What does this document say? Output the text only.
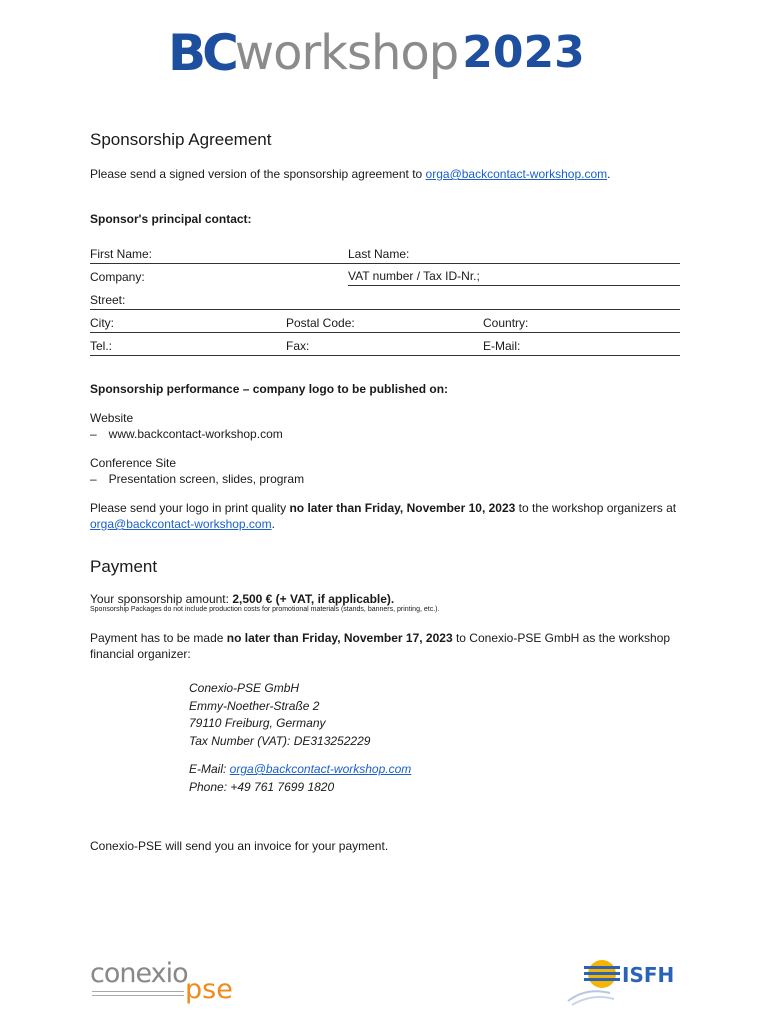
BC workshop 2023
Sponsorship Agreement
Please send a signed version of the sponsorship agreement to orga@backcontact-workshop.com.
Sponsor's principal contact:
First Name:	Last Name:
Company:	VAT number / Tax ID-Nr.;
Street:
City:	Postal Code:	Country:
Tel.:	Fax:	E-Mail:
Sponsorship performance – company logo to be published on:
Website
– www.backcontact-workshop.com
Conference Site
– Presentation screen, slides, program
Please send your logo in print quality no later than Friday, November 10, 2023 to the workshop organizers at
orga@backcontact-workshop.com.
Payment
Your sponsorship amount: 2,500 € (+ VAT, if applicable).
Sponsorship Packages do not include production costs for promotional materials (stands, banners, printing, etc.).
Payment has to be made no later than Friday, November 17, 2023 to Conexio-PSE GmbH as the workshop
financial organizer:
Conexio-PSE GmbH
Emmy-Noether-Straße 2
79110 Freiburg, Germany
Tax Number (VAT): DE313252229
E-Mail: orga@backcontact-workshop.com
Phone: +49 761 7699 1820
Conexio-PSE will send you an invoice for your payment.
conexio
pse	ISFH
